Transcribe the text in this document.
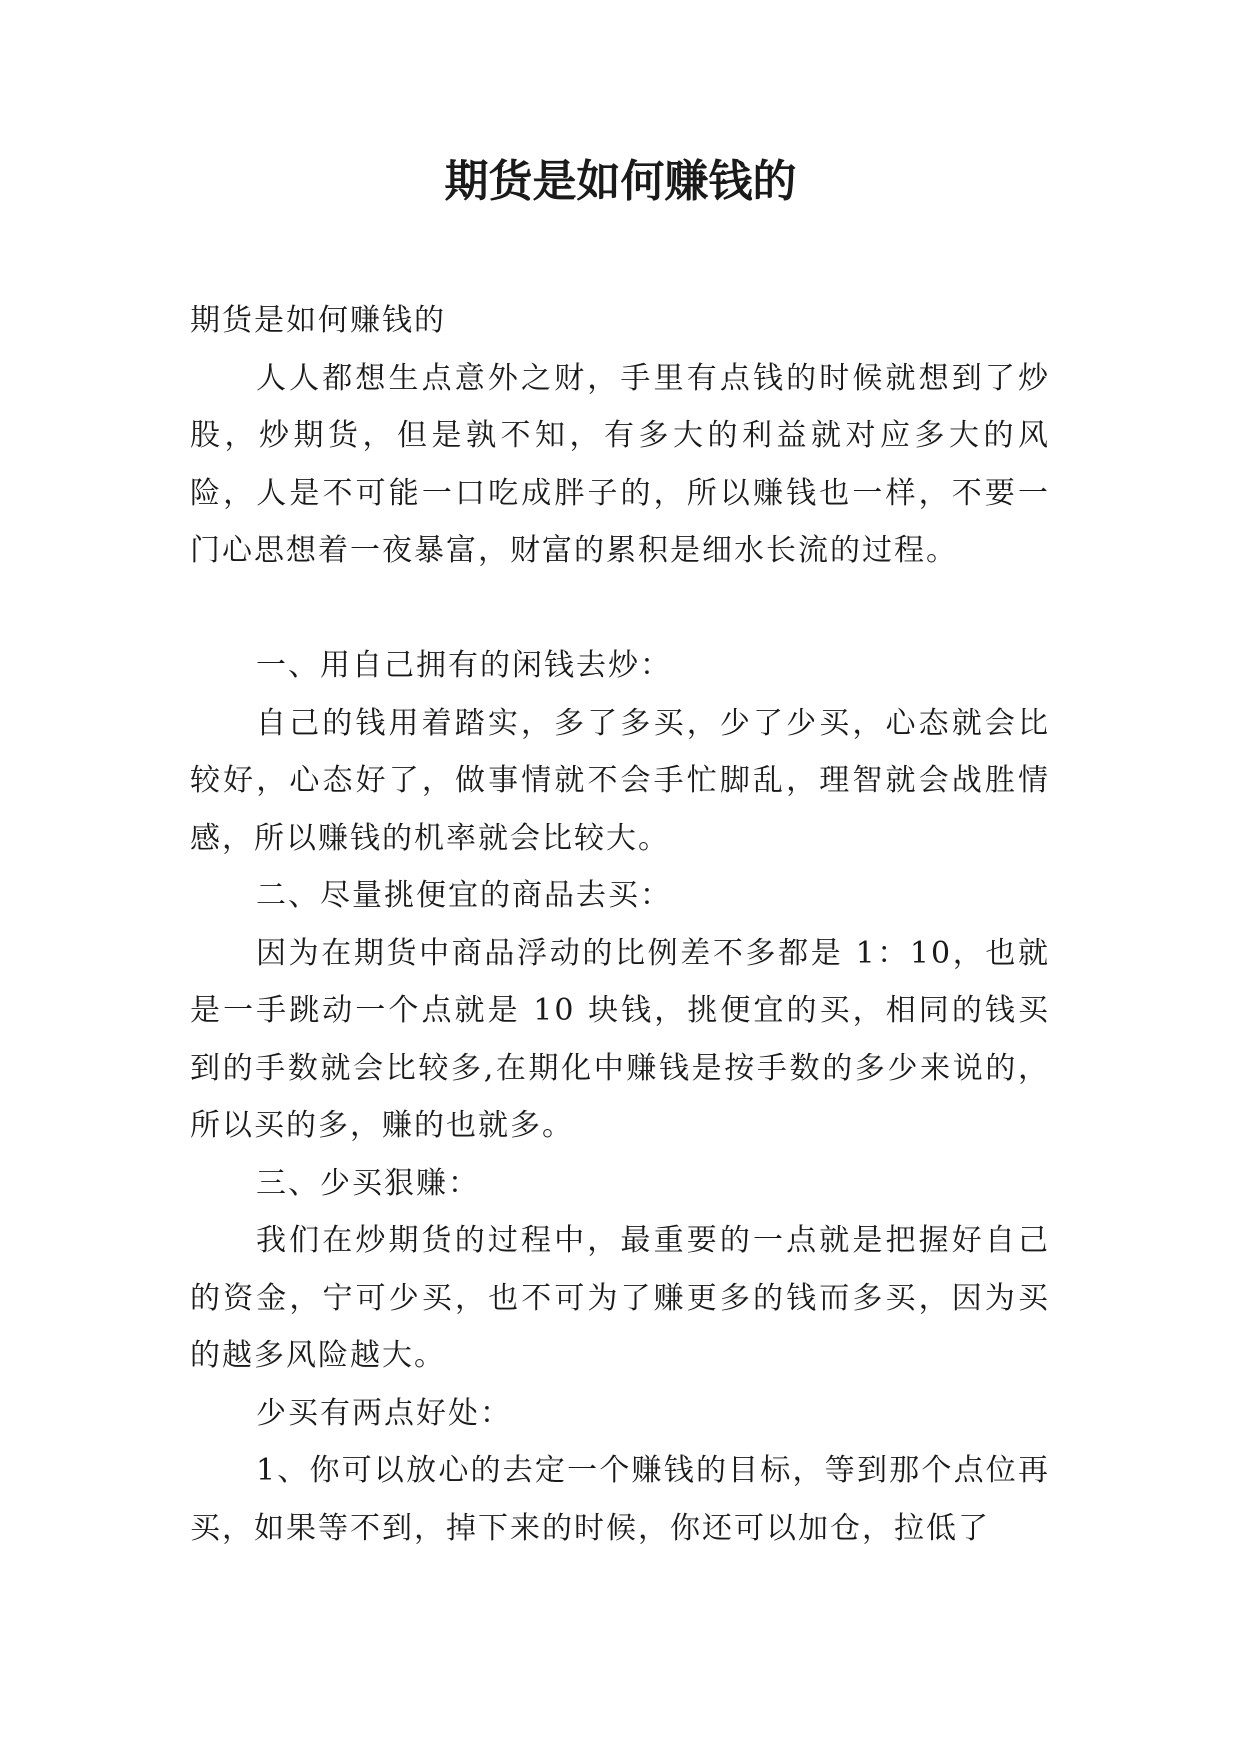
期货是如何赚钱的

期货是如何赚钱的

人人都想生点意外之财，手里有点钱的时候就想到了炒股，炒期货，但是孰不知，有多大的利益就对应多大的风险，人是不可能一口吃成胖子的，所以赚钱也一样，不要一门心思想着一夜暴富，财富的累积是细水长流的过程。

一、用自己拥有的闲钱去炒：

自己的钱用着踏实，多了多买，少了少买，心态就会比较好，心态好了，做事情就不会手忙脚乱，理智就会战胜情感，所以赚钱的机率就会比较大。

二、尽量挑便宜的商品去买：

因为在期货中商品浮动的比例差不多都是 1：10，也就是一手跳动一个点就是 10 块钱，挑便宜的买，相同的钱买到的手数就会比较多,在期化中赚钱是按手数的多少来说的，所以买的多，赚的也就多。

三、少买狠赚：

我们在炒期货的过程中，最重要的一点就是把握好自己的资金，宁可少买，也不可为了赚更多的钱而多买，因为买的越多风险越大。

少买有两点好处：

1、你可以放心的去定一个赚钱的目标，等到那个点位再买，如果等不到，掉下来的时候，你还可以加仓，拉低了
